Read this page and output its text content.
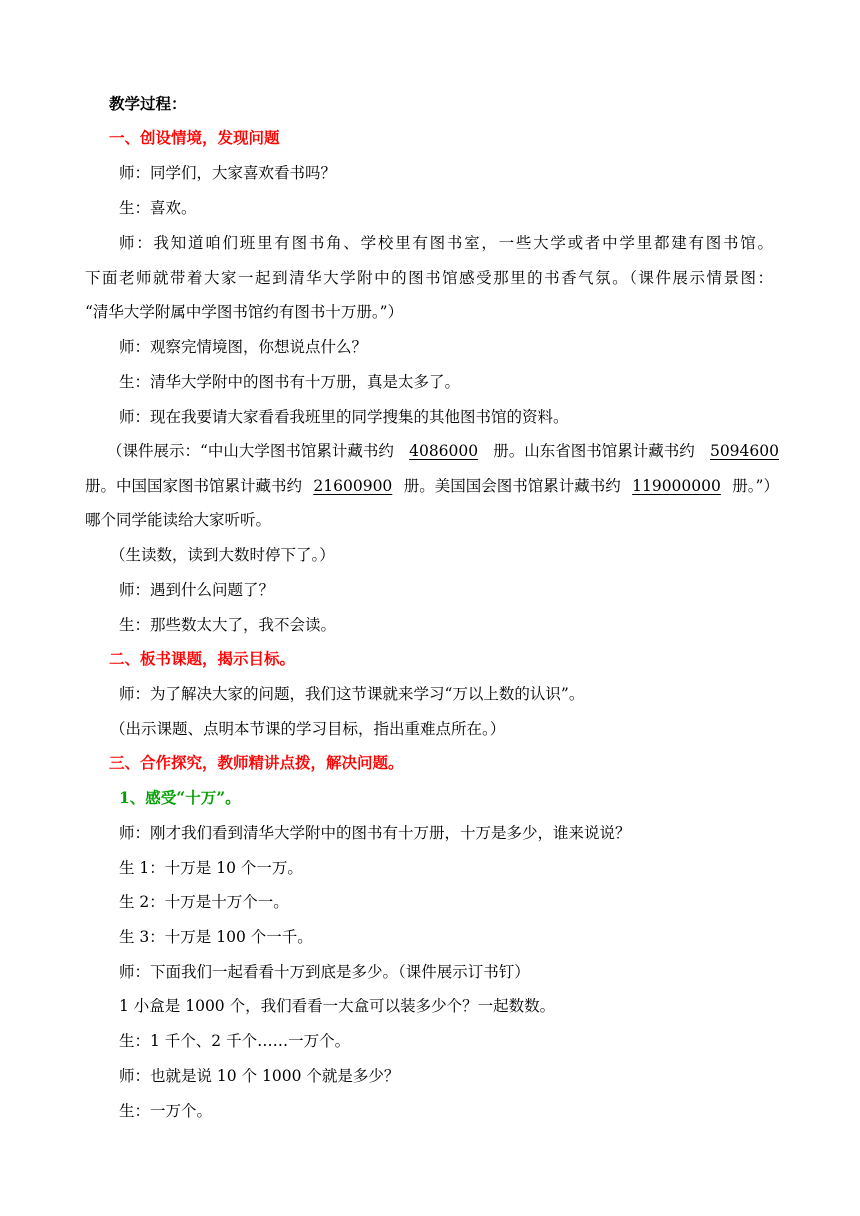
教学过程：
一、创设情境，发现问题
师：同学们，大家喜欢看书吗？
生：喜欢。
师：我知道咱们班里有图书角、学校里有图书室，一些大学或者中学里都建有图书馆。
下面老师就带着大家一起到清华大学附中的图书馆感受那里的书香气氛。（课件展示情景图：
“清华大学附属中学图书馆约有图书十万册。”）
师：观察完情境图，你想说点什么？
生：清华大学附中的图书有十万册，真是太多了。
师：现在我要请大家看看我班里的同学搜集的其他图书馆的资料。
（课件展示：“中山大学图书馆累计藏书约 4086000 册。山东省图书馆累计藏书约 5094600
册。中国国家图书馆累计藏书约 21600900 册。美国国会图书馆累计藏书约 119000000 册。”）
哪个同学能读给大家听听。
（生读数，读到大数时停下了。）
师：遇到什么问题了？
生：那些数太大了，我不会读。
二、板书课题，揭示目标。
师：为了解决大家的问题，我们这节课就来学习“万以上数的认识”。
（出示课题、点明本节课的学习目标，指出重难点所在。）
三、合作探究，教师精讲点拨，解决问题。
1、感受“十万”。
师：刚才我们看到清华大学附中的图书有十万册，十万是多少，谁来说说？
生 1：十万是 10 个一万。
生 2：十万是十万个一。
生 3：十万是 100 个一千。
师：下面我们一起看看十万到底是多少。（课件展示订书钉）
1 小盒是 1000 个，我们看看一大盒可以装多少个？一起数数。
生：1 千个、2 千个……一万个。
师：也就是说 10 个 1000 个就是多少？
生：一万个。
